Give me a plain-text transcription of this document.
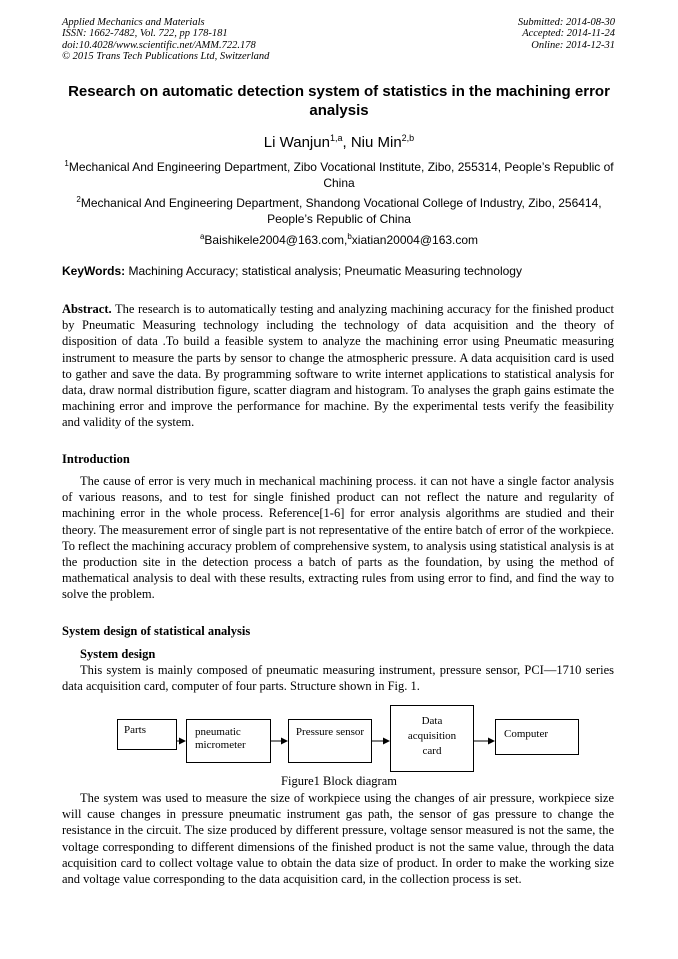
Applied Mechanics and Materials
ISSN: 1662-7482, Vol. 722, pp 178-181
doi:10.4028/www.scientific.net/AMM.722.178
© 2015 Trans Tech Publications Ltd, Switzerland
Submitted: 2014-08-30
Accepted: 2014-11-24
Online: 2014-12-31
Research on automatic detection system of statistics in the machining error analysis
Li Wanjun$^{1,a}$, Niu Min$^{2,b}$
$^1$Mechanical And Engineering Department, Zibo Vocational Institute, Zibo, 255314, People’s Republic of China
$^2$Mechanical And Engineering Department, Shandong Vocational College of Industry, Zibo, 256414, People’s Republic of China
$^a$Baishikele2004@163.com,$^b$xiatian20004@163.com
KeyWords: Machining Accuracy; statistical analysis; Pneumatic Measuring technology
Abstract. The research is to automatically testing and analyzing machining accuracy for the finished product by Pneumatic Measuring technology including the technology of data acquisition and the theory of disposition of data .To build a feasible system to analyze the machining error using Pneumatic measuring instrument to measure the parts by sensor to change the atmospheric pressure. A data acquisition card is used to gather and save the data. By programming software to write internet applications to statistical analysis for data, draw normal distribution figure, scatter diagram and histogram. To analyses the graph gains estimate the machining error and improve the performance for machine. By the experimental tests verify the feasibility and validity of the system.
Introduction
The cause of error is very much in mechanical machining process. it can not have a single factor analysis of various reasons, and to test for single finished product can not reflect the nature and regularity of machining error in the whole process. Reference[1-6] for error analysis algorithms are studied and their theory. The measurement error of single part is not representative of the entire batch of error of the workpiece. To reflect the machining accuracy problem of comprehensive system, to analysis using statistical analysis is at the production site in the detection process a batch of parts as the foundation, by using the method of mathematical analysis to deal with these results, extracting rules from using error to find, and find the way to solve the problem.
System design of statistical analysis
System design
This system is mainly composed of pneumatic measuring instrument, pressure sensor, PCI—1710 series data acquisition card, computer of four parts. Structure shown in Fig. 1.
Parts	pneumatic micrometer
Pressure sensor
Data acquisition card
Computer
Figure1 Block diagram
The system was used to measure the size of workpiece using the changes of air pressure, workpiece size will cause changes in pressure pneumatic instrument gas path, the sensor of gas pressure to change the resistance in the circuit. The size produced by different pressure, voltage sensor measured is not the same, the voltage corresponding to different dimensions of the finished product is not the same value, through the data acquisition card to collect voltage value to obtain the data size of product. In order to make the working size and voltage value corresponding to the data acquisition card, in the collection process is set.
